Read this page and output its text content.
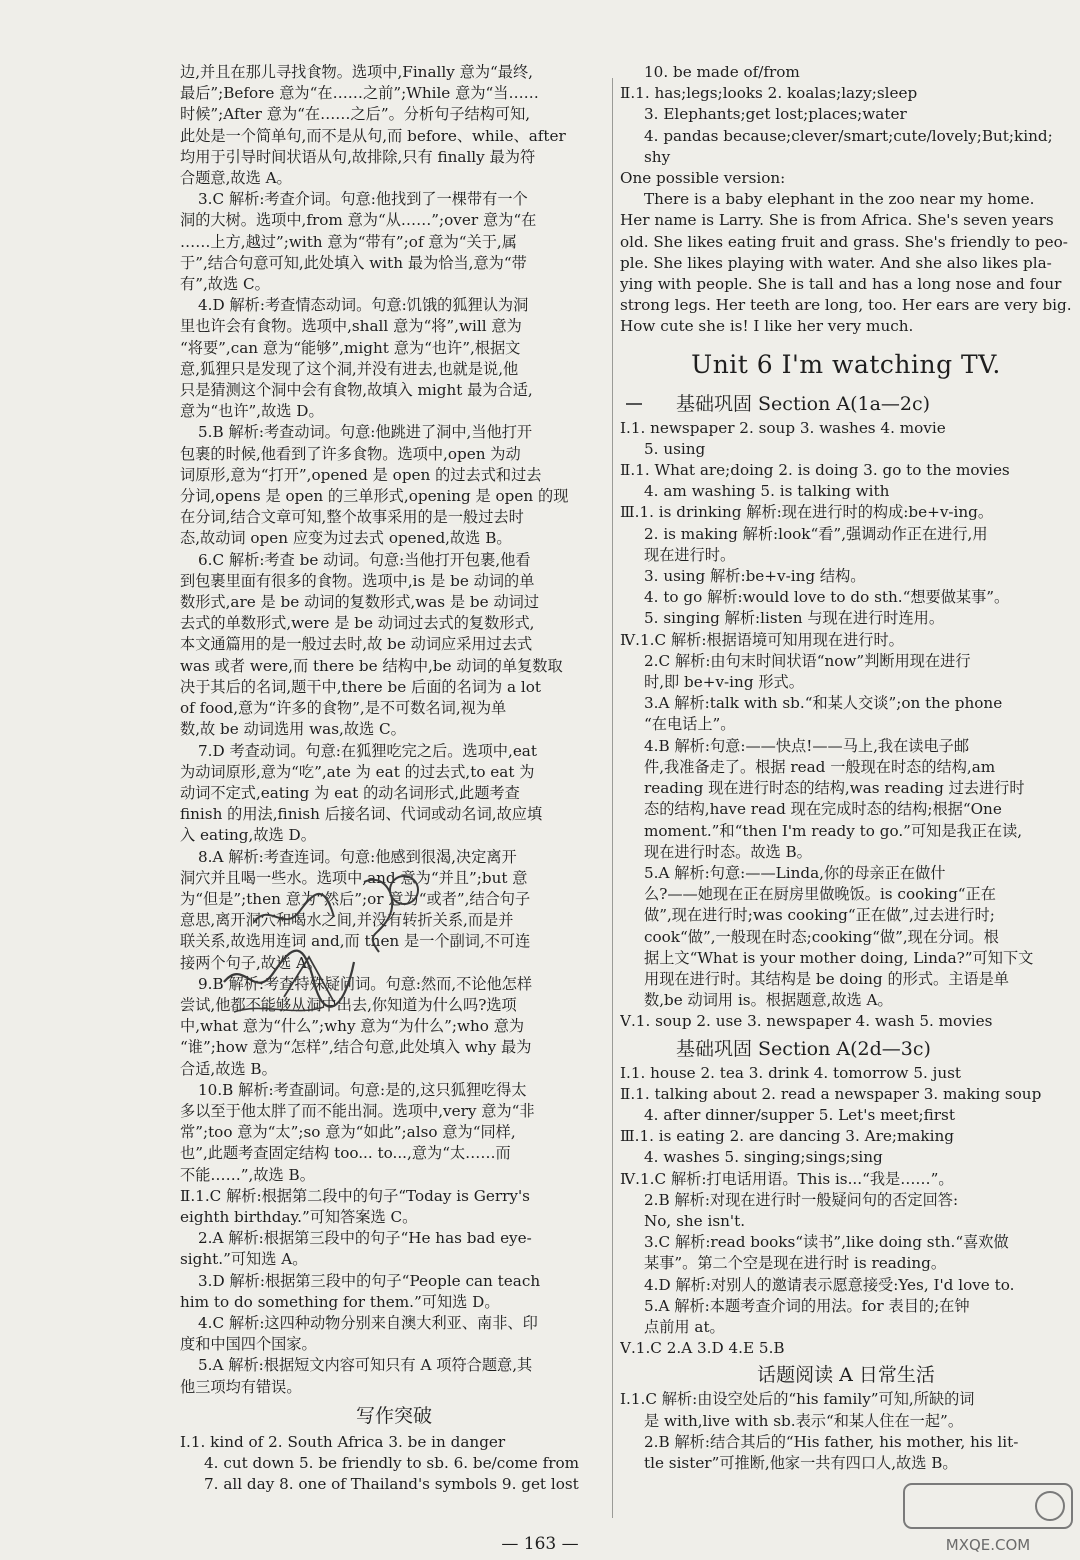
边,并且在那儿寻找食物。选项中,Finally 意为“最终,
最后”;Before 意为“在……之前”;While 意为“当……
时候”;After 意为“在……之后”。分析句子结构可知,
此处是一个简单句,而不是从句,而 before、while、after
均用于引导时间状语从句,故排除,只有 finally 最为符
合题意,故选 A。
3.C 解析:考查介词。句意:他找到了一棵带有一个
洞的大树。选项中,from 意为“从……”;over 意为“在
……上方,越过”;with 意为“带有”;of 意为“关于,属
于”,结合句意可知,此处填入 with 最为恰当,意为“带
有”,故选 C。
4.D 解析:考查情态动词。句意:饥饿的狐狸认为洞
里也许会有食物。选项中,shall 意为“将”,will 意为
“将要”,can 意为“能够”,might 意为“也许”,根据文
意,狐狸只是发现了这个洞,并没有进去,也就是说,他
只是猜测这个洞中会有食物,故填入 might 最为合适,
意为“也许”,故选 D。
5.B 解析:考查动词。句意:他跳进了洞中,当他打开
包裹的时候,他看到了许多食物。选项中,open 为动
词原形,意为“打开”,opened 是 open 的过去式和过去
分词,opens 是 open 的三单形式,opening 是 open 的现
在分词,结合文章可知,整个故事采用的是一般过去时
态,故动词 open 应变为过去式 opened,故选 B。
6.C 解析:考查 be 动词。句意:当他打开包裹,他看
到包裹里面有很多的食物。选项中,is 是 be 动词的单
数形式,are 是 be 动词的复数形式,was 是 be 动词过
去式的单数形式,were 是 be 动词过去式的复数形式,
本文通篇用的是一般过去时,故 be 动词应采用过去式
was 或者 were,而 there be 结构中,be 动词的单复数取
决于其后的名词,题干中,there be 后面的名词为 a lot
of food,意为“许多的食物”,是不可数名词,视为单
数,故 be 动词选用 was,故选 C。
7.D 考查动词。句意:在狐狸吃完之后。选项中,eat
为动词原形,意为“吃”,ate 为 eat 的过去式,to eat 为
动词不定式,eating 为 eat 的动名词形式,此题考查
finish 的用法,finish 后接名词、代词或动名词,故应填
入 eating,故选 D。
8.A 解析:考查连词。句意:他感到很渴,决定离开
洞穴并且喝一些水。选项中,and 意为“并且”;but 意
为“但是”;then 意为“然后”;or 意为“或者”,结合句子
意思,离开洞穴和喝水之间,并没有转折关系,而是并
联关系,故选用连词 and,而 then 是一个副词,不可连
接两个句子,故选 A。
9.B 解析:考查特殊疑问词。句意:然而,不论他怎样
尝试,他都不能够从洞中出去,你知道为什么吗?选项
中,what 意为“什么”;why 意为“为什么”;who 意为
“谁”;how 意为“怎样”,结合句意,此处填入 why 最为
合适,故选 B。
10.B 解析:考查副词。句意:是的,这只狐狸吃得太
多以至于他太胖了而不能出洞。选项中,very 意为“非
常”;too 意为“太”;so 意为“如此”;also 意为“同样,
也”,此题考查固定结构 too... to...,意为“太……而
不能……”,故选 B。
Ⅱ.1.C 解析:根据第二段中的句子“Today is Gerry's
eighth birthday.”可知答案选 C。
2.A 解析:根据第三段中的句子“He has bad eye-
sight.”可知选 A。
3.D 解析:根据第三段中的句子“People can teach
him to do something for them.”可知选 D。
4.C 解析:这四种动物分别来自澳大利亚、南非、印
度和中国四个国家。
5.A 解析:根据短文内容可知只有 A 项符合题意,其
他三项均有错误。
写作突破
Ⅰ.1. kind of 2. South Africa 3. be in danger
4. cut down 5. be friendly to sb. 6. be/come from
7. all day 8. one of Thailand's symbols 9. get lost
10. be made of/from
Ⅱ.1. has;legs;looks 2. koalas;lazy;sleep
3. Elephants;get lost;places;water
4. pandas because;clever/smart;cute/lovely;But;kind;
shy
One possible version:
There is a baby elephant in the zoo near my home.
Her name is Larry. She is from Africa. She's seven years
old. She likes eating fruit and grass. She's friendly to peo-
ple. She likes playing with water. And she also likes pla-
ying with people. She is tall and has a long nose and four
strong legs. Her teeth are long, too. Her ears are very big.
How cute she is! I like her very much.
Unit 6 I'm watching TV.
基础巩固 Section A(1a—2c)
Ⅰ.1. newspaper 2. soup 3. washes 4. movie
5. using
Ⅱ.1. What are;doing 2. is doing 3. go to the movies
4. am washing 5. is talking with
Ⅲ.1. is drinking 解析:现在进行时的构成:be+v-ing。
2. is making 解析:look“看”,强调动作正在进行,用
现在进行时。
3. using 解析:be+v-ing 结构。
4. to go 解析:would love to do sth.“想要做某事”。
5. singing 解析:listen 与现在进行时连用。
Ⅳ.1.C 解析:根据语境可知用现在进行时。
2.C 解析:由句末时间状语“now”判断用现在进行
时,即 be+v-ing 形式。
3.A 解析:talk with sb.“和某人交谈”;on the phone
“在电话上”。
4.B 解析:句意:——快点!——马上,我在读电子邮
件,我准备走了。根据 read 一般现在时态的结构,am
reading 现在进行时态的结构,was reading 过去进行时
态的结构,have read 现在完成时态的结构;根据“One
moment.”和“then I'm ready to go.”可知是我正在读,
现在进行时态。故选 B。
5.A 解析:句意:——Linda,你的母亲正在做什
么?——她现在正在厨房里做晚饭。is cooking“正在
做”,现在进行时;was cooking“正在做”,过去进行时;
cook“做”,一般现在时态;cooking“做”,现在分词。根
据上文“What is your mother doing, Linda?”可知下文
用现在进行时。其结构是 be doing 的形式。主语是单
数,be 动词用 is。根据题意,故选 A。
Ⅴ.1. soup 2. use 3. newspaper 4. wash 5. movies
基础巩固 Section A(2d—3c)
Ⅰ.1. house 2. tea 3. drink 4. tomorrow 5. just
Ⅱ.1. talking about 2. read a newspaper 3. making soup
4. after dinner/supper 5. Let's meet;first
Ⅲ.1. is eating 2. are dancing 3. Are;making
4. washes 5. singing;sings;sing
Ⅳ.1.C 解析:打电话用语。This is...“我是……”。
2.B 解析:对现在进行时一般疑问句的否定回答:
No, she isn't.
3.C 解析:read books“读书”,like doing sth.“喜欢做
某事”。第二个空是现在进行时 is reading。
4.D 解析:对别人的邀请表示愿意接受:Yes, I'd love to.
5.A 解析:本题考查介词的用法。for 表目的;在钟
点前用 at。
Ⅴ.1.C 2.A 3.D 4.E 5.B
话题阅读 A 日常生活
Ⅰ.1.C 解析:由设空处后的“his family”可知,所缺的词
是 with,live with sb.表示“和某人住在一起”。
2.B 解析:结合其后的“His father, his mother, his lit-
tle sister”可推断,他家一共有四口人,故选 B。
MXQE.COM
— 163 —
